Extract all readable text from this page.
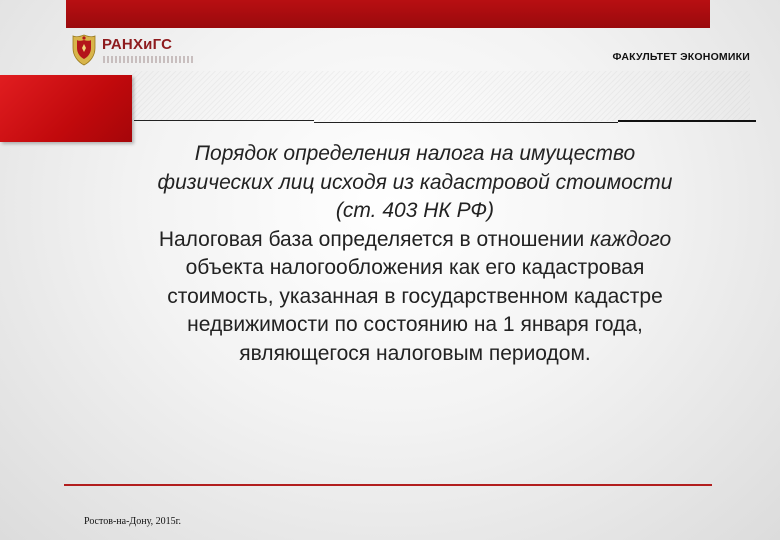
РАНХиГС
ФАКУЛЬТЕТ ЭКОНОМИКИ
Порядок определения налога на имущество
физических лиц исходя из кадастровой стоимости
(ст. 403 НК РФ)
Налоговая база определяется в отношении каждого
объекта налогообложения как его кадастровая
стоимость, указанная в государственном кадастре
недвижимости по состоянию на 1 января года,
являющегося налоговым периодом.
Ростов-на-Дону, 2015г.
